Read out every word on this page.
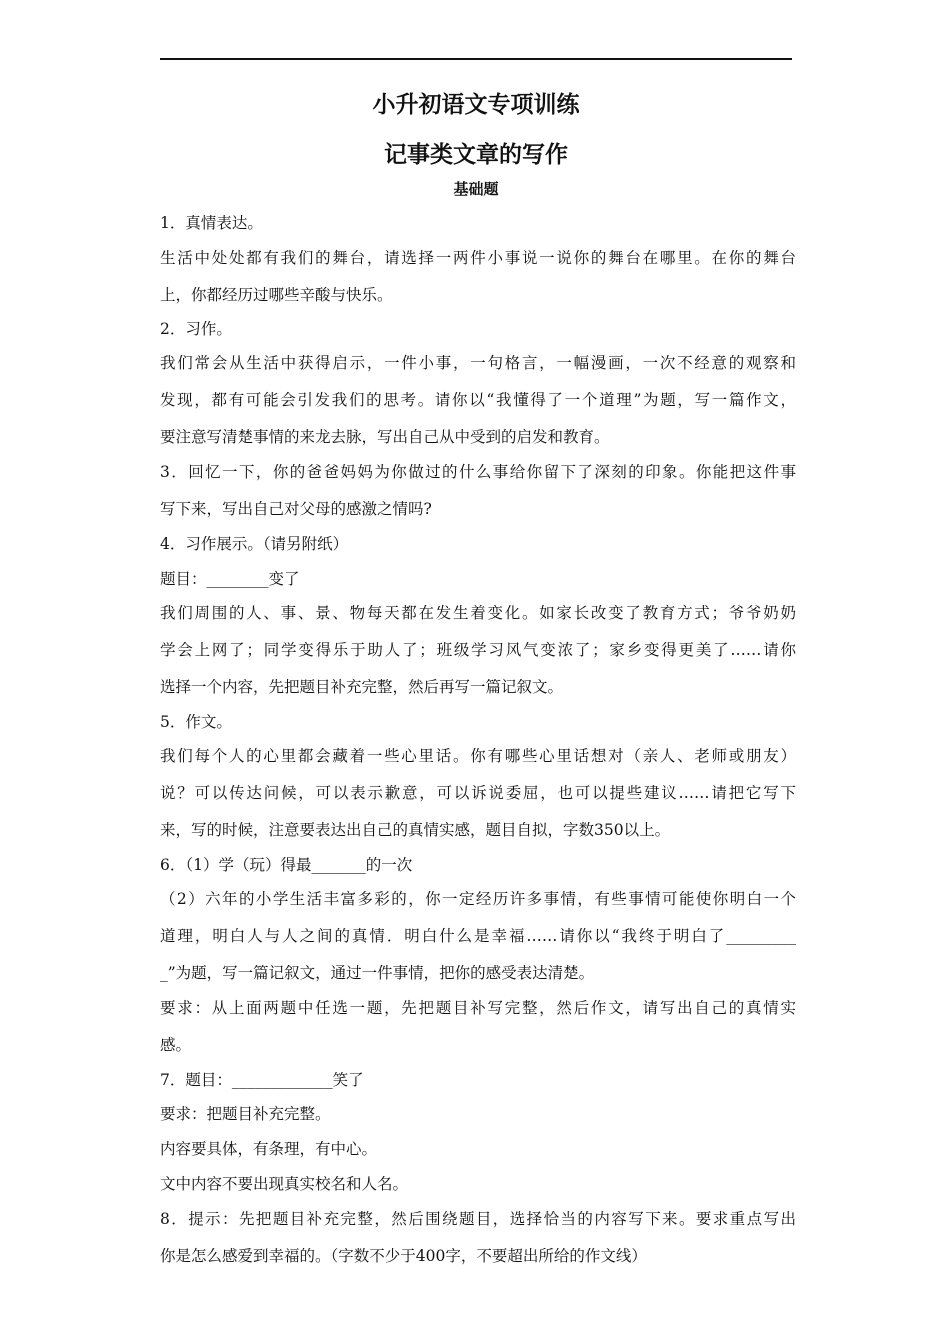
小升初语文专项训练
记事类文章的写作
基础题
1．真情表达。
生活中处处都有我们的舞台，请选择一两件小事说一说你的舞台在哪里。在你的舞台
上，你都经历过哪些辛酸与快乐。
2．习作。
我们常会从生活中获得启示，一件小事，一句格言，一幅漫画，一次不经意的观察和
发现，都有可能会引发我们的思考。请你以“我懂得了一个道理”为题，写一篇作文，
要注意写清楚事情的来龙去脉，写出自己从中受到的启发和教育。
3．回忆一下，你的爸爸妈妈为你做过的什么事给你留下了深刻的印象。你能把这件事
写下来，写出自己对父母的感激之情吗?
4．习作展示。（请另附纸）
题目：________变了
我们周围的人、事、景、物每天都在发生着变化。如家长改变了教育方式；爷爷奶奶
学会上网了；同学变得乐于助人了；班级学习风气变浓了；家乡变得更美了……请你
选择一个内容，先把题目补充完整，然后再写一篇记叙文。
5．作文。
我们每个人的心里都会藏着一些心里话。你有哪些心里话想对（亲人、老师或朋友）
说？可以传达问候，可以表示歉意，可以诉说委屈，也可以提些建议……请把它写下
来，写的时候，注意要表达出自己的真情实感，题目自拟，字数350以上。
6．（1）学（玩）得最_______的一次
（2）六年的小学生活丰富多彩的，你一定经历许多事情，有些事情可能使你明白一个
道理，明白人与人之间的真情．明白什么是幸福……请你以“我终于明白了_________
_”为题，写一篇记叙文，通过一件事情，把你的感受表达清楚。
要求：从上面两题中任选一题，先把题目补写完整，然后作文，请写出自己的真情实
感。
7．题目：_____________笑了
要求：把题目补充完整。
内容要具体，有条理，有中心。
文中内容不要出现真实校名和人名。
8．提示：先把题目补充完整，然后围绕题目，选择恰当的内容写下来。要求重点写出
你是怎么感爱到幸福的。（字数不少于400字，不要超出所给的作文线）
